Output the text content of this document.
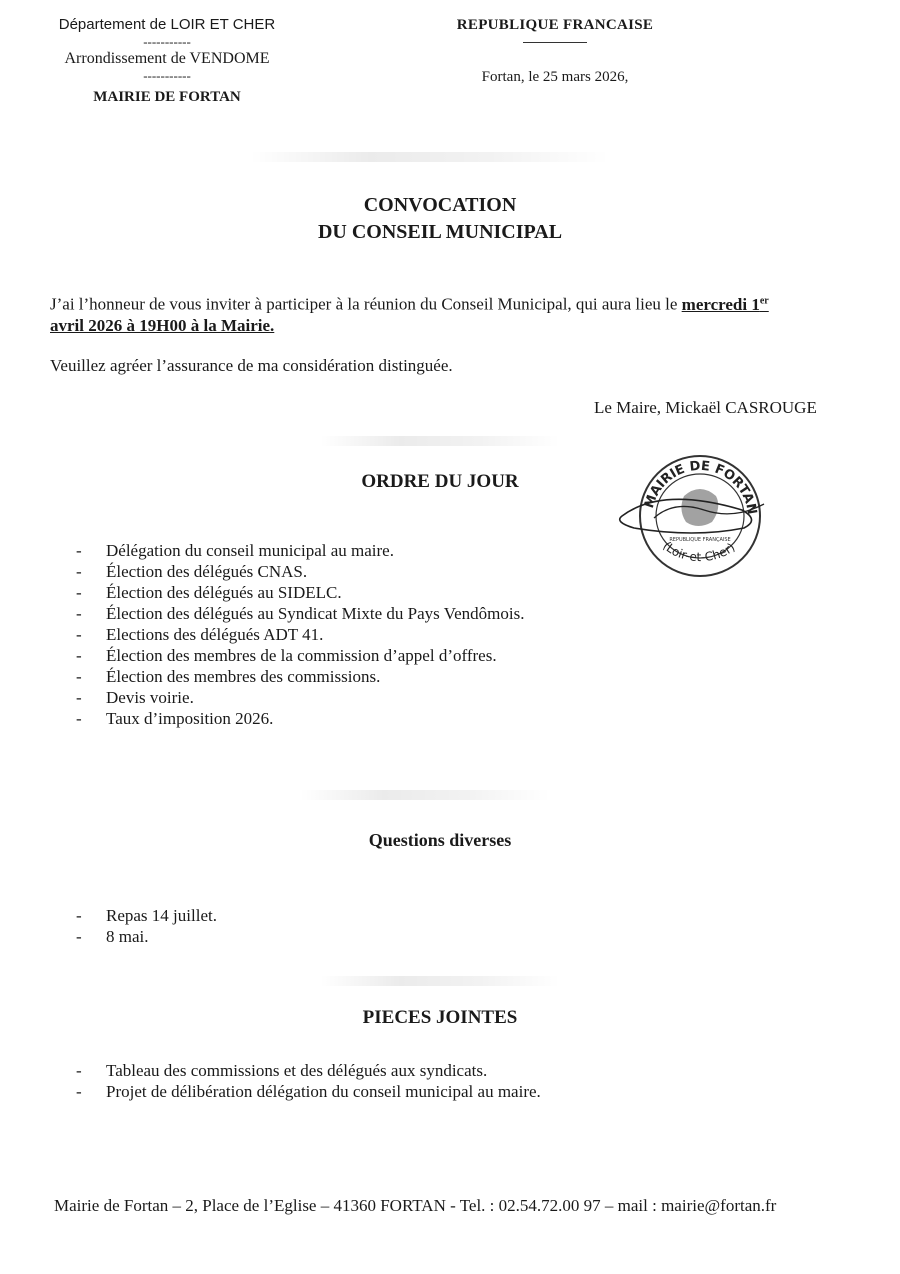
Département de LOIR ET CHER
-----------
Arrondissement de VENDOME
-----------
MAIRIE DE FORTAN
REPUBLIQUE FRANCAISE
Fortan, le 25 mars 2026,
CONVOCATION
DU CONSEIL MUNICIPAL
J’ai l’honneur de vous inviter à participer à la réunion du Conseil Municipal, qui aura lieu le mercredi 1er
avril 2026 à 19H00 à la Mairie.
Veuillez agréer l’assurance de ma considération distinguée.
Le Maire, Mickaël CASROUGE
MAIRIE DE FORTAN
(Loir-et-Cher)
REPUBLIQUE FRANÇAISE
ORDRE DU JOUR
- Délégation du conseil municipal au maire.
- Élection des délégués CNAS.
- Élection des délégués au SIDELC.
- Élection des délégués au Syndicat Mixte du Pays Vendômois.
- Elections des délégués ADT 41.
- Élection des membres de la commission d’appel d’offres.
- Élection des membres des commissions.
- Devis voirie.
- Taux d’imposition 2026.
Questions diverses
- Repas 14 juillet.
- 8 mai.
PIECES JOINTES
- Tableau des commissions et des délégués aux syndicats.
- Projet de délibération délégation du conseil municipal au maire.
Mairie de Fortan – 2, Place de l’Eglise – 41360 FORTAN - Tel. : 02.54.72.00 97 – mail : mairie@fortan.fr
